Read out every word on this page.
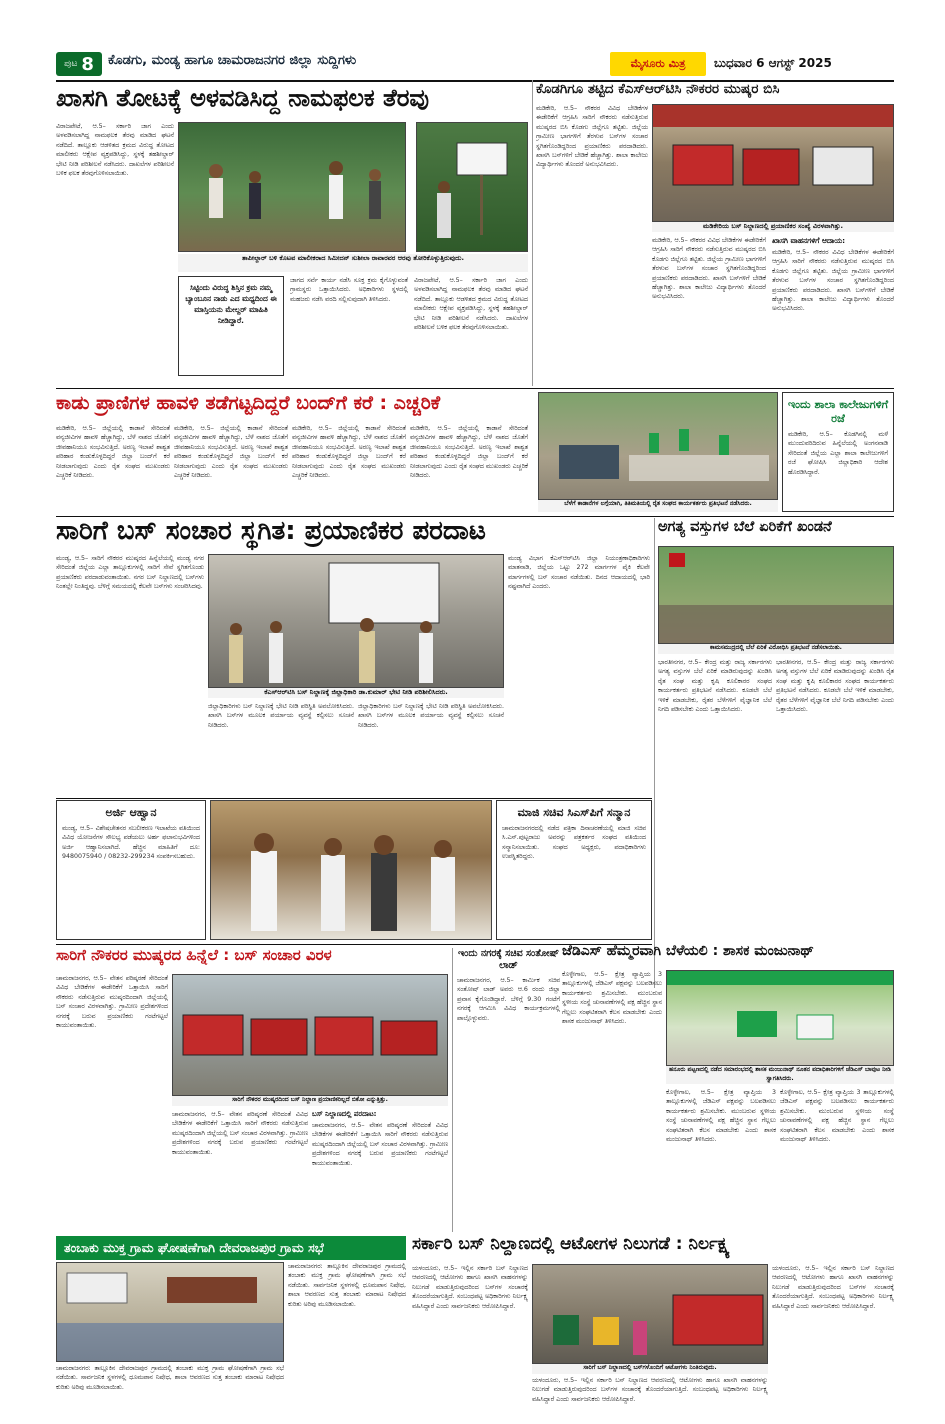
ಪುಟ 8 ಕೊಡಗು, ಮಂಡ್ಯ ಹಾಗೂ ಚಾಮರಾಜನಗರ ಜಿಲ್ಲಾ ಸುದ್ದಿಗಳು	ಮೈಸೂರು ಮಿತ್ರ	ಬುಧವಾರ 6 ಆಗಸ್ಟ್ 2025
ಖಾಸಗಿ ತೋಟಕ್ಕೆ ಅಳವಡಿಸಿದ್ದ ನಾಮಫಲಕ ತೆರವು
ವಿರಾಜಪೇಟೆ, ಆ.5– ಸರ್ಕಾರಿ ಜಾಗ ಎಂದು ಅಳವಡಿಸಲಾಗಿದ್ದ ನಾಮಫಲಕ ತೆರವು ಮಾಡಿದ ಘಟನೆ ನಡೆದಿದೆ. ತಾಲ್ಲೂಕು ಆಡಳಿತದ ಕ್ರಮದ ವಿರುದ್ಧ ತೋಟದ ಮಾಲೀಕರು ಆಕ್ಷೇಪ ವ್ಯಕ್ತಪಡಿಸಿದ್ದು, ಸ್ಥಳಕ್ಕೆ ತಹಶೀಲ್ದಾರ್ ಭೇಟಿ ನೀಡಿ ಪರಿಶೀಲನೆ ನಡೆಸಿದರು. ದಾಖಲೆಗಳ ಪರಿಶೀಲನೆ ಬಳಿಕ ಫಲಕ ತೆರವುಗೊಳಿಸಲಾಯಿತು.
ತಾಪೀಲ್ದಾರ್ ಬಳಿ ಕೊಟವ ಮಾಲೀಕರಾದ ಸಿಮೀದನ್ ಸುಶೀಲಾ ರಾವಾರವರ ಆರವು ತೋರಿಕೊಳ್ಳುತ್ತಿರುವುದು.
ಸಿಟ್ಟಿಂದು ವಿರುದ್ಧ ಶಿಸ್ತಿನ ಕ್ರಮ ನಮ್ಮ ಬ್ಯಾಂಬೂನ ನಾಡು ಎದ ಮಧ್ಯದಿಂದ ಈ ಮಾಸ್ತಿಯನು ಮೇಲ್ದರ್ ಮಾಹಿತಿ ನೀಡಿದ್ದಾರೆ.
ಜಾಗದ ಸರ್ವೆ ಕಾರ್ಯ ನಡೆಸಿ ಸೂಕ್ತ ಕ್ರಮ ಕೈಗೊಳ್ಳುವಂತೆ ಗ್ರಾಮಸ್ಥರು ಒತ್ತಾಯಿಸಿದರು. ಅಧಿಕಾರಿಗಳು ಸ್ಥಳದಲ್ಲಿ ಮಹಜರು ನಡೆಸಿ ವರದಿ ಸಲ್ಲಿಸುವುದಾಗಿ ತಿಳಿಸಿದರು.
ವಿರಾಜಪೇಟೆ, ಆ.5– ಸರ್ಕಾರಿ ಜಾಗ ಎಂದು ಅಳವಡಿಸಲಾಗಿದ್ದ ನಾಮಫಲಕ ತೆರವು ಮಾಡಿದ ಘಟನೆ ನಡೆದಿದೆ. ತಾಲ್ಲೂಕು ಆಡಳಿತದ ಕ್ರಮದ ವಿರುದ್ಧ ತೋಟದ ಮಾಲೀಕರು ಆಕ್ಷೇಪ ವ್ಯಕ್ತಪಡಿಸಿದ್ದು, ಸ್ಥಳಕ್ಕೆ ತಹಶೀಲ್ದಾರ್ ಭೇಟಿ ನೀಡಿ ಪರಿಶೀಲನೆ ನಡೆಸಿದರು. ದಾಖಲೆಗಳ ಪರಿಶೀಲನೆ ಬಳಿಕ ಫಲಕ ತೆರವುಗೊಳಿಸಲಾಯಿತು.
ಕೊಡಗಿಗೂ ತಟ್ಟಿದ ಕೆಎಸ್‌ಆರ್‌ಟಿಸಿ ನೌಕರರ ಮುಷ್ಕರ ಬಿಸಿ
ಮಡಿಕೇರಿ, ಆ.5– ನೌಕರರ ವಿವಿಧ ಬೇಡಿಕೆಗಳ ಈಡೇರಿಕೆಗೆ ಆಗ್ರಹಿಸಿ ಸಾರಿಗೆ ನೌಕರರು ನಡೆಸುತ್ತಿರುವ ಮುಷ್ಕರದ ಬಿಸಿ ಕೊಡಗು ಜಿಲ್ಲೆಗೂ ತಟ್ಟಿತು. ಜಿಲ್ಲೆಯ ಗ್ರಾಮೀಣ ಭಾಗಗಳಿಗೆ ತೆರಳುವ ಬಸ್‌ಗಳ ಸಂಚಾರ ಸ್ಥಗಿತಗೊಂಡಿದ್ದರಿಂದ ಪ್ರಯಾಣಿಕರು ಪರದಾಡಿದರು. ಖಾಸಗಿ ಬಸ್‌ಗಳಿಗೆ ಬೇಡಿಕೆ ಹೆಚ್ಚಾಗಿತ್ತು. ಶಾಲಾ ಕಾಲೇಜು ವಿದ್ಯಾರ್ಥಿಗಳು ತೊಂದರೆ ಅನುಭವಿಸಿದರು.
ಮಡಿಕೇರಿಯ ಬಸ್ ನಿಲ್ದಾಣದಲ್ಲಿ ಪ್ರಯಾಣಿಕರ ಸಂಖ್ಯೆ ವಿರಳವಾಗಿತ್ತು.
ಮಡಿಕೇರಿ, ಆ.5– ನೌಕರರ ವಿವಿಧ ಬೇಡಿಕೆಗಳ ಈಡೇರಿಕೆಗೆ ಆಗ್ರಹಿಸಿ ಸಾರಿಗೆ ನೌಕರರು ನಡೆಸುತ್ತಿರುವ ಮುಷ್ಕರದ ಬಿಸಿ ಕೊಡಗು ಜಿಲ್ಲೆಗೂ ತಟ್ಟಿತು. ಜಿಲ್ಲೆಯ ಗ್ರಾಮೀಣ ಭಾಗಗಳಿಗೆ ತೆರಳುವ ಬಸ್‌ಗಳ ಸಂಚಾರ ಸ್ಥಗಿತಗೊಂಡಿದ್ದರಿಂದ ಪ್ರಯಾಣಿಕರು ಪರದಾಡಿದರು. ಖಾಸಗಿ ಬಸ್‌ಗಳಿಗೆ ಬೇಡಿಕೆ ಹೆಚ್ಚಾಗಿತ್ತು. ಶಾಲಾ ಕಾಲೇಜು ವಿದ್ಯಾರ್ಥಿಗಳು ತೊಂದರೆ ಅನುಭವಿಸಿದರು.
ಖಾಸಗಿ ವಾಹನಗಳಿಗೆ ಆದಾಯ:
ಮಡಿಕೇರಿ, ಆ.5– ನೌಕರರ ವಿವಿಧ ಬೇಡಿಕೆಗಳ ಈಡೇರಿಕೆಗೆ ಆಗ್ರಹಿಸಿ ಸಾರಿಗೆ ನೌಕರರು ನಡೆಸುತ್ತಿರುವ ಮುಷ್ಕರದ ಬಿಸಿ ಕೊಡಗು ಜಿಲ್ಲೆಗೂ ತಟ್ಟಿತು. ಜಿಲ್ಲೆಯ ಗ್ರಾಮೀಣ ಭಾಗಗಳಿಗೆ ತೆರಳುವ ಬಸ್‌ಗಳ ಸಂಚಾರ ಸ್ಥಗಿತಗೊಂಡಿದ್ದರಿಂದ ಪ್ರಯಾಣಿಕರು ಪರದಾಡಿದರು. ಖಾಸಗಿ ಬಸ್‌ಗಳಿಗೆ ಬೇಡಿಕೆ ಹೆಚ್ಚಾಗಿತ್ತು. ಶಾಲಾ ಕಾಲೇಜು ವಿದ್ಯಾರ್ಥಿಗಳು ತೊಂದರೆ ಅನುಭವಿಸಿದರು.
ಕಾಡು ಪ್ರಾಣಿಗಳ ಹಾವಳಿ ತಡೆಗಟ್ಟದಿದ್ದರೆ ಬಂದ್‌ಗೆ ಕರೆ : ಎಚ್ಚರಿಕೆ
ಮಡಿಕೇರಿ, ಆ.5– ಜಿಲ್ಲೆಯಲ್ಲಿ ಕಾಡಾನೆ ಸೇರಿದಂತೆ ವನ್ಯಜೀವಿಗಳ ಹಾವಳಿ ಹೆಚ್ಚಾಗಿದ್ದು, ಬೆಳೆ ನಾಶದ ಜೊತೆಗೆ ಜೀವಹಾನಿಯೂ ಸಂಭವಿಸುತ್ತಿದೆ. ಅರಣ್ಯ ಇಲಾಖೆ ಶಾಶ್ವತ ಪರಿಹಾರ ಕಂಡುಕೊಳ್ಳದಿದ್ದರೆ ಜಿಲ್ಲಾ ಬಂದ್‌ಗೆ ಕರೆ ನೀಡಲಾಗುವುದು ಎಂದು ರೈತ ಸಂಘದ ಮುಖಂಡರು ಎಚ್ಚರಿಕೆ ನೀಡಿದರು.
ಮಡಿಕೇರಿ, ಆ.5– ಜಿಲ್ಲೆಯಲ್ಲಿ ಕಾಡಾನೆ ಸೇರಿದಂತೆ ವನ್ಯಜೀವಿಗಳ ಹಾವಳಿ ಹೆಚ್ಚಾಗಿದ್ದು, ಬೆಳೆ ನಾಶದ ಜೊತೆಗೆ ಜೀವಹಾನಿಯೂ ಸಂಭವಿಸುತ್ತಿದೆ. ಅರಣ್ಯ ಇಲಾಖೆ ಶಾಶ್ವತ ಪರಿಹಾರ ಕಂಡುಕೊಳ್ಳದಿದ್ದರೆ ಜಿಲ್ಲಾ ಬಂದ್‌ಗೆ ಕರೆ ನೀಡಲಾಗುವುದು ಎಂದು ರೈತ ಸಂಘದ ಮುಖಂಡರು ಎಚ್ಚರಿಕೆ ನೀಡಿದರು.
ಮಡಿಕೇರಿ, ಆ.5– ಜಿಲ್ಲೆಯಲ್ಲಿ ಕಾಡಾನೆ ಸೇರಿದಂತೆ ವನ್ಯಜೀವಿಗಳ ಹಾವಳಿ ಹೆಚ್ಚಾಗಿದ್ದು, ಬೆಳೆ ನಾಶದ ಜೊತೆಗೆ ಜೀವಹಾನಿಯೂ ಸಂಭವಿಸುತ್ತಿದೆ. ಅರಣ್ಯ ಇಲಾಖೆ ಶಾಶ್ವತ ಪರಿಹಾರ ಕಂಡುಕೊಳ್ಳದಿದ್ದರೆ ಜಿಲ್ಲಾ ಬಂದ್‌ಗೆ ಕರೆ ನೀಡಲಾಗುವುದು ಎಂದು ರೈತ ಸಂಘದ ಮುಖಂಡರು ಎಚ್ಚರಿಕೆ ನೀಡಿದರು.
ಮಡಿಕೇರಿ, ಆ.5– ಜಿಲ್ಲೆಯಲ್ಲಿ ಕಾಡಾನೆ ಸೇರಿದಂತೆ ವನ್ಯಜೀವಿಗಳ ಹಾವಳಿ ಹೆಚ್ಚಾಗಿದ್ದು, ಬೆಳೆ ನಾಶದ ಜೊತೆಗೆ ಜೀವಹಾನಿಯೂ ಸಂಭವಿಸುತ್ತಿದೆ. ಅರಣ್ಯ ಇಲಾಖೆ ಶಾಶ್ವತ ಪರಿಹಾರ ಕಂಡುಕೊಳ್ಳದಿದ್ದರೆ ಜಿಲ್ಲಾ ಬಂದ್‌ಗೆ ಕರೆ ನೀಡಲಾಗುವುದು ಎಂದು ರೈತ ಸಂಘದ ಮುಖಂಡರು ಎಚ್ಚರಿಕೆ ನೀಡಿದರು.
ಬೆಳೆಗೆ ಕಾಡಾನೆಗಳ ಲಗ್ಗೆಯಾಗಿ, ತಿತಿಮತಿಯಲ್ಲಿ ರೈತ ಸಂಘದ ಕಾರ್ಯಕರ್ತರು ಪ್ರತಿಭಟನೆ ನಡೆಸಿದರು.
ಇಂದು ಶಾಲಾ ಕಾಲೇಜುಗಳಿಗೆ ರಜೆ
ಮಡಿಕೇರಿ, ಆ.5– ಕೊಡಗಿನಲ್ಲಿ ಮಳೆ ಮುಂದುವರಿದಿರುವ ಹಿನ್ನೆಲೆಯಲ್ಲಿ ಅಂಗನವಾಡಿ ಸೇರಿದಂತೆ ಜಿಲ್ಲೆಯ ಎಲ್ಲಾ ಶಾಲಾ ಕಾಲೇಜುಗಳಿಗೆ ರಜೆ ಘೋಷಿಸಿ ಜಿಲ್ಲಾಧಿಕಾರಿ ಆದೇಶ ಹೊರಡಿಸಿದ್ದಾರೆ.
ಸಾರಿಗೆ ಬಸ್ ಸಂಚಾರ ಸ್ಥಗಿತ: ಪ್ರಯಾಣಿಕರ ಪರದಾಟ
ಮಂಡ್ಯ, ಆ.5– ಸಾರಿಗೆ ನೌಕರರ ಮುಷ್ಕರದ ಹಿನ್ನೆಲೆಯಲ್ಲಿ ಮಂಡ್ಯ ನಗರ ಸೇರಿದಂತೆ ಜಿಲ್ಲೆಯ ಎಲ್ಲಾ ತಾಲ್ಲೂಕುಗಳಲ್ಲಿ ಸಾರಿಗೆ ಸೇವೆ ಸ್ಥಗಿತಗೊಂಡು ಪ್ರಯಾಣಿಕರು ಪರದಾಡುವಂತಾಯಿತು. ನಗರ ಬಸ್ ನಿಲ್ದಾಣದಲ್ಲಿ ಬಸ್‌ಗಳು ನಿಂತಲ್ಲೇ ನಿಂತಿದ್ದವು. ಬೆಳಿಗ್ಗೆ ಸಮಯದಲ್ಲಿ ಕೆಲವೇ ಬಸ್‌ಗಳು ಸಂಚರಿಸಿದವು.
ಕೆಎಸ್‌ಆರ್‌ಟಿಸಿ ಬಸ್ ನಿಲ್ದಾಣಕ್ಕೆ ಜಿಲ್ಲಾಧಿಕಾರಿ ಡಾ.ಕುಮಾರ್ ಭೇಟಿ ನೀಡಿ ಪರಿಶೀಲಿಸಿದರು.
ಜಿಲ್ಲಾಧಿಕಾರಿಗಳು ಬಸ್ ನಿಲ್ದಾಣಕ್ಕೆ ಭೇಟಿ ನೀಡಿ ಪರಿಸ್ಥಿತಿ ಅವಲೋಕಿಸಿದರು. ಖಾಸಗಿ ಬಸ್‌ಗಳ ಮೂಲಕ ಪರ್ಯಾಯ ವ್ಯವಸ್ಥೆ ಕಲ್ಪಿಸಲು ಸೂಚನೆ ನೀಡಿದರು.
ಜಿಲ್ಲಾಧಿಕಾರಿಗಳು ಬಸ್ ನಿಲ್ದಾಣಕ್ಕೆ ಭೇಟಿ ನೀಡಿ ಪರಿಸ್ಥಿತಿ ಅವಲೋಕಿಸಿದರು. ಖಾಸಗಿ ಬಸ್‌ಗಳ ಮೂಲಕ ಪರ್ಯಾಯ ವ್ಯವಸ್ಥೆ ಕಲ್ಪಿಸಲು ಸೂಚನೆ ನೀಡಿದರು.
ಮಂಡ್ಯ ವಿಭಾಗ ಕೆಎಸ್‌ಆರ್‌ಟಿಸಿ ಜಿಲ್ಲಾ ನಿಯಂತ್ರಣಾಧಿಕಾರಿಗಳು ಮಾತನಾಡಿ, ಜಿಲ್ಲೆಯ ಒಟ್ಟು 272 ಮಾರ್ಗಗಳ ಪೈಕಿ ಕೆಲವೇ ಮಾರ್ಗಗಳಲ್ಲಿ ಬಸ್ ಸಂಚಾರ ನಡೆಯಿತು. ದಿನದ ಆದಾಯದಲ್ಲಿ ಭಾರಿ ನಷ್ಟವಾಗಿದೆ ಎಂದರು.
ಅಗತ್ಯ ವಸ್ತುಗಳ ಬೆಲೆ ಏರಿಕೆಗೆ ಖಂಡನೆ
ಕಾಮಸಮುದ್ರದಲ್ಲಿ ಬೆಲೆ ಏರಿಕೆ ವಿರೋಧಿಸಿ ಪ್ರತಿಭಟನೆ ನಡೆಸಲಾಯಿತು.
ಭಾರತೀನಗರ, ಆ.5– ಕೇಂದ್ರ ಮತ್ತು ರಾಜ್ಯ ಸರ್ಕಾರಗಳು ಅಗತ್ಯ ವಸ್ತುಗಳ ಬೆಲೆ ಏರಿಕೆ ಮಾಡಿರುವುದನ್ನು ಖಂಡಿಸಿ ರೈತ ಸಂಘ ಮತ್ತು ಕೃಷಿ ಕೂಲಿಕಾರರ ಸಂಘದ ಕಾರ್ಯಕರ್ತರು ಪ್ರತಿಭಟನೆ ನಡೆಸಿದರು. ಕೂಡಲೇ ಬೆಲೆ ಇಳಿಕೆ ಮಾಡಬೇಕು, ರೈತರ ಬೆಳೆಗಳಿಗೆ ವೈಜ್ಞಾನಿಕ ಬೆಲೆ ನಿಗದಿ ಪಡಿಸಬೇಕು ಎಂದು ಒತ್ತಾಯಿಸಿದರು.
ಭಾರತೀನಗರ, ಆ.5– ಕೇಂದ್ರ ಮತ್ತು ರಾಜ್ಯ ಸರ್ಕಾರಗಳು ಅಗತ್ಯ ವಸ್ತುಗಳ ಬೆಲೆ ಏರಿಕೆ ಮಾಡಿರುವುದನ್ನು ಖಂಡಿಸಿ ರೈತ ಸಂಘ ಮತ್ತು ಕೃಷಿ ಕೂಲಿಕಾರರ ಸಂಘದ ಕಾರ್ಯಕರ್ತರು ಪ್ರತಿಭಟನೆ ನಡೆಸಿದರು. ಕೂಡಲೇ ಬೆಲೆ ಇಳಿಕೆ ಮಾಡಬೇಕು, ರೈತರ ಬೆಳೆಗಳಿಗೆ ವೈಜ್ಞಾನಿಕ ಬೆಲೆ ನಿಗದಿ ಪಡಿಸಬೇಕು ಎಂದು ಒತ್ತಾಯಿಸಿದರು.
ಅರ್ಜಿ ಆಹ್ವಾನ
ಮಂಡ್ಯ, ಆ.5– ವಿಶೇಷಚೇತನರ ಸಬಲೀಕರಣ ಇಲಾಖೆಯ ವತಿಯಿಂದ ವಿವಿಧ ಯೋಜನೆಗಳ ಸೌಲಭ್ಯ ಪಡೆಯಲು ಅರ್ಹ ಫಲಾನುಭವಿಗಳಿಂದ ಅರ್ಜಿ ಆಹ್ವಾನಿಸಲಾಗಿದೆ. ಹೆಚ್ಚಿನ ಮಾಹಿತಿಗೆ ದೂ: 9480075940 / 08232-299234 ಸಂಪರ್ಕಿಸಬಹುದು.
ಮಾಜಿ ಸಚಿವ ಸಿಎಸ್‌ಪಿಗೆ ಸನ್ಮಾನ
ಚಾಮರಾಜನಗರದಲ್ಲಿ ನಡೆದ ಪತ್ರಿಕಾ ದಿನಾಚರಣೆಯಲ್ಲಿ ಮಾಜಿ ಸಚಿವ ಸಿ.ಎಸ್.ಪುಟ್ಟರಾಜು ಅವರನ್ನು ಪತ್ರಕರ್ತರ ಸಂಘದ ವತಿಯಿಂದ ಸನ್ಮಾನಿಸಲಾಯಿತು. ಸಂಘದ ಅಧ್ಯಕ್ಷರು, ಪದಾಧಿಕಾರಿಗಳು ಉಪಸ್ಥಿತರಿದ್ದರು.
ಸಾರಿಗೆ ನೌಕರರ ಮುಷ್ಕರದ ಹಿನ್ನೆಲೆ : ಬಸ್ ಸಂಚಾರ ವಿರಳ
ಚಾಮರಾಜನಗರ, ಆ.5– ವೇತನ ಪರಿಷ್ಕರಣೆ ಸೇರಿದಂತೆ ವಿವಿಧ ಬೇಡಿಕೆಗಳ ಈಡೇರಿಕೆಗೆ ಒತ್ತಾಯಿಸಿ ಸಾರಿಗೆ ನೌಕರರು ನಡೆಸುತ್ತಿರುವ ಮುಷ್ಕರದಿಂದಾಗಿ ಜಿಲ್ಲೆಯಲ್ಲಿ ಬಸ್ ಸಂಚಾರ ವಿರಳವಾಗಿತ್ತು. ಗ್ರಾಮೀಣ ಪ್ರದೇಶಗಳಿಂದ ನಗರಕ್ಕೆ ಬರುವ ಪ್ರಯಾಣಿಕರು ಗಂಟೆಗಟ್ಟಲೆ ಕಾಯುವಂತಾಯಿತು.
ಸಾರಿಗೆ ನೌಕರರ ಮುಷ್ಕರದಿಂದ ಬಸ್ ನಿಲ್ದಾಣ ಪ್ರಯಾಣಿಕರಿಲ್ಲದೆ ಬಿಕೋ ಎನ್ನುತ್ತಿತ್ತು.
ಚಾಮರಾಜನಗರ, ಆ.5– ವೇತನ ಪರಿಷ್ಕರಣೆ ಸೇರಿದಂತೆ ವಿವಿಧ ಬೇಡಿಕೆಗಳ ಈಡೇರಿಕೆಗೆ ಒತ್ತಾಯಿಸಿ ಸಾರಿಗೆ ನೌಕರರು ನಡೆಸುತ್ತಿರುವ ಮುಷ್ಕರದಿಂದಾಗಿ ಜಿಲ್ಲೆಯಲ್ಲಿ ಬಸ್ ಸಂಚಾರ ವಿರಳವಾಗಿತ್ತು. ಗ್ರಾಮೀಣ ಪ್ರದೇಶಗಳಿಂದ ನಗರಕ್ಕೆ ಬರುವ ಪ್ರಯಾಣಿಕರು ಗಂಟೆಗಟ್ಟಲೆ ಕಾಯುವಂತಾಯಿತು.
ಬಸ್ ನಿಲ್ದಾಣದಲ್ಲಿ ಪರದಾಟ:
ಚಾಮರಾಜನಗರ, ಆ.5– ವೇತನ ಪರಿಷ್ಕರಣೆ ಸೇರಿದಂತೆ ವಿವಿಧ ಬೇಡಿಕೆಗಳ ಈಡೇರಿಕೆಗೆ ಒತ್ತಾಯಿಸಿ ಸಾರಿಗೆ ನೌಕರರು ನಡೆಸುತ್ತಿರುವ ಮುಷ್ಕರದಿಂದಾಗಿ ಜಿಲ್ಲೆಯಲ್ಲಿ ಬಸ್ ಸಂಚಾರ ವಿರಳವಾಗಿತ್ತು. ಗ್ರಾಮೀಣ ಪ್ರದೇಶಗಳಿಂದ ನಗರಕ್ಕೆ ಬರುವ ಪ್ರಯಾಣಿಕರು ಗಂಟೆಗಟ್ಟಲೆ ಕಾಯುವಂತಾಯಿತು.
ಇಂದು ನಗರಕ್ಕೆ ಸಚಿವ ಸಂತೋಷ್ ಲಾಡ್
ಚಾಮರಾಜನಗರ, ಆ.5– ಕಾರ್ಮಿಕ ಸಚಿವ ಸಂತೋಷ್ ಲಾಡ್ ಅವರು ಆ.6 ರಂದು ಜಿಲ್ಲಾ ಪ್ರವಾಸ ಕೈಗೊಂಡಿದ್ದಾರೆ. ಬೆಳಿಗ್ಗೆ 9.30 ಗಂಟೆಗೆ ನಗರಕ್ಕೆ ಆಗಮಿಸಿ ವಿವಿಧ ಕಾರ್ಯಕ್ರಮಗಳಲ್ಲಿ ಪಾಲ್ಗೊಳ್ಳುವರು.
ಜೆಡಿಎಸ್ ಹೆಮ್ಮರವಾಗಿ ಬೆಳೆಯಲಿ : ಶಾಸಕ ಮಂಜುನಾಥ್
ಕೊಳ್ಳೇಗಾಲ, ಆ.5– ಕ್ಷೇತ್ರ ವ್ಯಾಪ್ತಿಯ 3 ತಾಲ್ಲೂಕುಗಳಲ್ಲಿ ಜೆಡಿಎಸ್ ಪಕ್ಷವನ್ನು ಬಲಪಡಿಸಲು ಕಾರ್ಯಕರ್ತರು ಶ್ರಮಿಸಬೇಕು. ಮುಂಬರುವ ಸ್ಥಳೀಯ ಸಂಸ್ಥೆ ಚುನಾವಣೆಗಳಲ್ಲಿ ಪಕ್ಷ ಹೆಚ್ಚಿನ ಸ್ಥಾನ ಗೆಲ್ಲಲು ಸಂಘಟಿತರಾಗಿ ಕೆಲಸ ಮಾಡಬೇಕು ಎಂದು ಶಾಸಕ ಮಂಜುನಾಥ್ ತಿಳಿಸಿದರು.
ಹನೂರು ಪಟ್ಟಣದಲ್ಲಿ ನಡೆದ ಸಮಾರಂಭದಲ್ಲಿ ಶಾಸಕ ಮಂಜುನಾಥ್ ನೂತನ ಪದಾಧಿಕಾರಿಗಳಿಗೆ ಜೆಡಿಎಸ್ ಬಾವುಟ ನೀಡಿ ಸ್ವಾಗತಿಸಿದರು.
ಕೊಳ್ಳೇಗಾಲ, ಆ.5– ಕ್ಷೇತ್ರ ವ್ಯಾಪ್ತಿಯ 3 ತಾಲ್ಲೂಕುಗಳಲ್ಲಿ ಜೆಡಿಎಸ್ ಪಕ್ಷವನ್ನು ಬಲಪಡಿಸಲು ಕಾರ್ಯಕರ್ತರು ಶ್ರಮಿಸಬೇಕು. ಮುಂಬರುವ ಸ್ಥಳೀಯ ಸಂಸ್ಥೆ ಚುನಾವಣೆಗಳಲ್ಲಿ ಪಕ್ಷ ಹೆಚ್ಚಿನ ಸ್ಥಾನ ಗೆಲ್ಲಲು ಸಂಘಟಿತರಾಗಿ ಕೆಲಸ ಮಾಡಬೇಕು ಎಂದು ಶಾಸಕ ಮಂಜುನಾಥ್ ತಿಳಿಸಿದರು.
ಕೊಳ್ಳೇಗಾಲ, ಆ.5– ಕ್ಷೇತ್ರ ವ್ಯಾಪ್ತಿಯ 3 ತಾಲ್ಲೂಕುಗಳಲ್ಲಿ ಜೆಡಿಎಸ್ ಪಕ್ಷವನ್ನು ಬಲಪಡಿಸಲು ಕಾರ್ಯಕರ್ತರು ಶ್ರಮಿಸಬೇಕು. ಮುಂಬರುವ ಸ್ಥಳೀಯ ಸಂಸ್ಥೆ ಚುನಾವಣೆಗಳಲ್ಲಿ ಪಕ್ಷ ಹೆಚ್ಚಿನ ಸ್ಥಾನ ಗೆಲ್ಲಲು ಸಂಘಟಿತರಾಗಿ ಕೆಲಸ ಮಾಡಬೇಕು ಎಂದು ಶಾಸಕ ಮಂಜುನಾಥ್ ತಿಳಿಸಿದರು.
ತಂಬಾಕು ಮುಕ್ತ ಗ್ರಾಮ ಘೋಷಣೆಗಾಗಿ ದೇವರಾಜಪುರ ಗ್ರಾಮ ಸಭೆ
ಚಾಮರಾಜನಗರ: ತಾಲ್ಲೂಕಿನ ದೇವರಾಜಪುರ ಗ್ರಾಮದಲ್ಲಿ ತಂಬಾಕು ಮುಕ್ತ ಗ್ರಾಮ ಘೋಷಣೆಗಾಗಿ ಗ್ರಾಮ ಸಭೆ ನಡೆಯಿತು. ಸಾರ್ವಜನಿಕ ಸ್ಥಳಗಳಲ್ಲಿ ಧೂಮಪಾನ ನಿಷೇಧ, ಶಾಲಾ ಆವರಣದ ಸುತ್ತ ತಂಬಾಕು ಮಾರಾಟ ನಿಷೇಧದ ಕುರಿತು ಅರಿವು ಮೂಡಿಸಲಾಯಿತು.
ಚಾಮರಾಜನಗರ: ತಾಲ್ಲೂಕಿನ ದೇವರಾಜಪುರ ಗ್ರಾಮದಲ್ಲಿ ತಂಬಾಕು ಮುಕ್ತ ಗ್ರಾಮ ಘೋಷಣೆಗಾಗಿ ಗ್ರಾಮ ಸಭೆ ನಡೆಯಿತು. ಸಾರ್ವಜನಿಕ ಸ್ಥಳಗಳಲ್ಲಿ ಧೂಮಪಾನ ನಿಷೇಧ, ಶಾಲಾ ಆವರಣದ ಸುತ್ತ ತಂಬಾಕು ಮಾರಾಟ ನಿಷೇಧದ ಕುರಿತು ಅರಿವು ಮೂಡಿಸಲಾಯಿತು.
ಸರ್ಕಾರಿ ಬಸ್ ನಿಲ್ದಾಣದಲ್ಲಿ ಆಟೋಗಳ ನಿಲುಗಡೆ : ನಿರ್ಲಕ್ಷ್ಯ
ಯಳಂದೂರು, ಆ.5– ಇಲ್ಲಿನ ಸರ್ಕಾರಿ ಬಸ್ ನಿಲ್ದಾಣದ ಆವರಣದಲ್ಲಿ ಆಟೋಗಳು ಹಾಗೂ ಖಾಸಗಿ ವಾಹನಗಳನ್ನು ನಿಲುಗಡೆ ಮಾಡುತ್ತಿರುವುದರಿಂದ ಬಸ್‌ಗಳ ಸಂಚಾರಕ್ಕೆ ತೊಂದರೆಯಾಗುತ್ತಿದೆ. ಸಂಬಂಧಪಟ್ಟ ಅಧಿಕಾರಿಗಳು ನಿರ್ಲಕ್ಷ್ಯ ವಹಿಸಿದ್ದಾರೆ ಎಂದು ಸಾರ್ವಜನಿಕರು ಆರೋಪಿಸಿದ್ದಾರೆ.
ಸಾರಿಗೆ ಬಸ್ ನಿಲ್ದಾಣದಲ್ಲಿ ಬಸ್‌ಗಳೊಂದಿಗೆ ಆಟೋಗಳು ನಿಂತಿರುವುದು.
ಯಳಂದೂರು, ಆ.5– ಇಲ್ಲಿನ ಸರ್ಕಾರಿ ಬಸ್ ನಿಲ್ದಾಣದ ಆವರಣದಲ್ಲಿ ಆಟೋಗಳು ಹಾಗೂ ಖಾಸಗಿ ವಾಹನಗಳನ್ನು ನಿಲುಗಡೆ ಮಾಡುತ್ತಿರುವುದರಿಂದ ಬಸ್‌ಗಳ ಸಂಚಾರಕ್ಕೆ ತೊಂದರೆಯಾಗುತ್ತಿದೆ. ಸಂಬಂಧಪಟ್ಟ ಅಧಿಕಾರಿಗಳು ನಿರ್ಲಕ್ಷ್ಯ ವಹಿಸಿದ್ದಾರೆ ಎಂದು ಸಾರ್ವಜನಿಕರು ಆರೋಪಿಸಿದ್ದಾರೆ.
ಯಳಂದೂರು, ಆ.5– ಇಲ್ಲಿನ ಸರ್ಕಾರಿ ಬಸ್ ನಿಲ್ದಾಣದ ಆವರಣದಲ್ಲಿ ಆಟೋಗಳು ಹಾಗೂ ಖಾಸಗಿ ವಾಹನಗಳನ್ನು ನಿಲುಗಡೆ ಮಾಡುತ್ತಿರುವುದರಿಂದ ಬಸ್‌ಗಳ ಸಂಚಾರಕ್ಕೆ ತೊಂದರೆಯಾಗುತ್ತಿದೆ. ಸಂಬಂಧಪಟ್ಟ ಅಧಿಕಾರಿಗಳು ನಿರ್ಲಕ್ಷ್ಯ ವಹಿಸಿದ್ದಾರೆ ಎಂದು ಸಾರ್ವಜನಿಕರು ಆರೋಪಿಸಿದ್ದಾರೆ.
